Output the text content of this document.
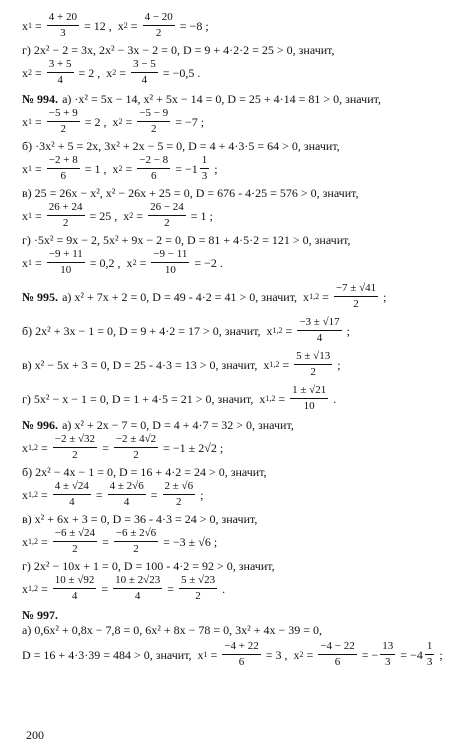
x $1 = \frac{4 + 20}{3} = 12$ ,  x $2 = \frac{4 - 20}{2} = -8$ ;
г) 2x² − 2 = 3x, 2x² − 3x − 2 = 0, D = 9 + 4·2·2 = 25 > 0, значит,
x $2 = \frac{3 + 5}{4} = 2$ ,  x $2 = \frac{3 - 5}{4} = -0,5$ .
№ 994. а) ·x² = 5x − 14, x² + 5x − 14 = 0, D = 25 + 4·14 = 81 > 0, значит,
x $1 = \frac{-5 + 9}{2} = 2$ ,  x $2 = \frac{-5 - 9}{2} = -7$ ;
б) ·3x² + 5 = 2x, 3x² + 2x − 5 = 0, D = 4 + 4·3·5 = 64 > 0, значит,
x $1 = \frac{-2 + 8}{6} = 1$ ,  x $2 = \frac{-2 - 8}{6} = -1 \frac{1}{3}$ ;
в) 25 = 26x − x², x² − 26x + 25 = 0, D = 676 - 4·25 = 576 > 0, значит,
x $1 = \frac{26 + 24}{2} = 25$ ,  x $2 = \frac{26 - 24}{2} = 1$ ;
г) ·5x² = 9x − 2, 5x² + 9x − 2 = 0, D = 81 + 4·5·2 = 121 > 0, значит,
x $1 = \frac{-9 + 11}{10} = 0,2$ ,  x $2 = \frac{-9 - 11}{10} = -2$ .
№ 995. а) x² + 7x + 2 = 0, D = 49 - 4·2 = 41 > 0, значит,  x $1,2 = \frac{-7 \pm √41}{2}$ ;
б) 2x² + 3x − 1 = 0, D = 9 + 4·2 = 17 > 0, значит,  x $1,2 = \frac{-3 \pm √17}{4}$ ;
в) x² − 5x + 3 = 0, D = 25 - 4·3 = 13 > 0, значит,  x $1,2 = \frac{5 \pm √13}{2}$ ;
г) 5x² − x − 1 = 0, D = 1 + 4·5 = 21 > 0, значит,  x $1,2 = \frac{1 \pm √21}{10}$ .
№ 996. а) x² + 2x − 7 = 0, D = 4 + 4·7 = 32 > 0, значит,
x $1,2 = \frac{-2 \pm √32}{2} = \frac{-2 \pm 4√2}{2} = -1 \pm 2√2$ ;
б) 2x² − 4x − 1 = 0, D = 16 + 4·2 = 24 > 0, значит,
x $1,2 = \frac{4 \pm √24}{4} = \frac{4 \pm 2√6}{4} = \frac{2 \pm √6}{2}$ ;
в) x² + 6x + 3 = 0, D = 36 - 4·3 = 24 > 0, значит,
x $1,2 = \frac{-6 \pm √24}{2} = \frac{-6 \pm 2√6}{2} = -3 \pm √6$ ;
г) 2x² − 10x + 1 = 0, D = 100 - 4·2 = 92 > 0, значит,
x $1,2 = \frac{10 \pm √92}{4} = \frac{10 \pm 2√23}{4} = \frac{5 \pm √23}{2}$ .
№ 997.
а) 0,6x² + 0,8x − 7,8 = 0, 6x² + 8x − 78 = 0, 3x² + 4x − 39 = 0,
D = 16 + 4·3·39 = 484 > 0, значит,  x $1 = \frac{-4 + 22}{6} = 3$ ,  x $2 = \frac{-4 - 22}{6}$ = − $\frac{13}{3} = -4 \frac{1}{3}$ ;
200
